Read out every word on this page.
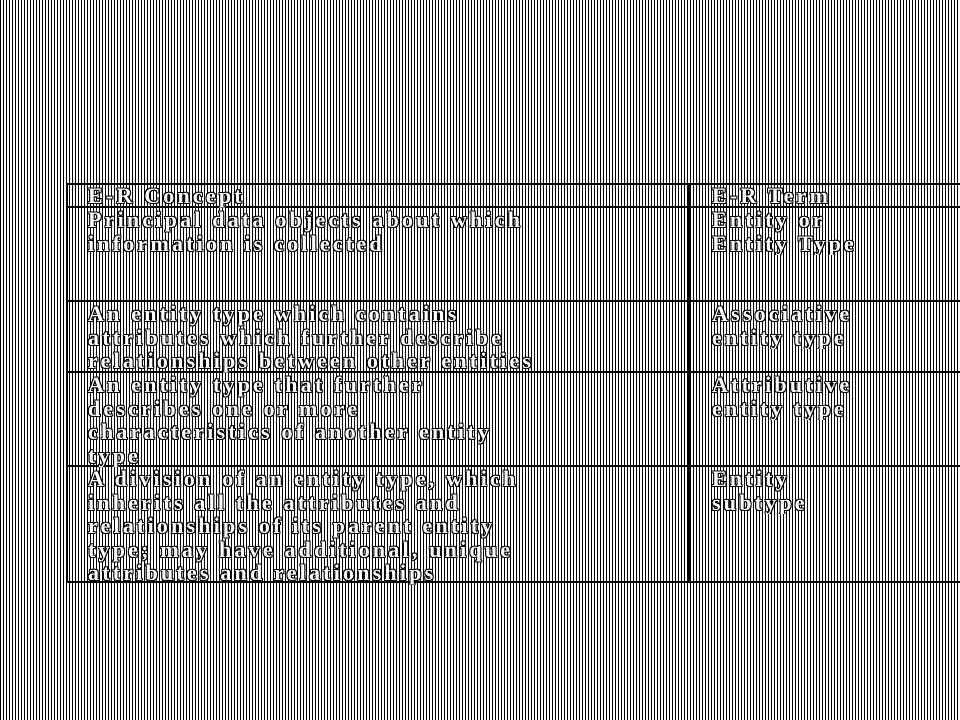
E-R Concept	E-R Term
Principal data objects about which
information is collected
Entity or
Entity Type
An entity type which contains
attributes which further describe
relationships between other entities
Associative
entity type
An entity type that further
describes one or more
characteristics of another entity
type
Attributive
entity type
A division of an entity type, which
inherits all the attributes and
relationships of its parent entity
type; may have additional, unique
attributes and relationships
Entity
subtype
